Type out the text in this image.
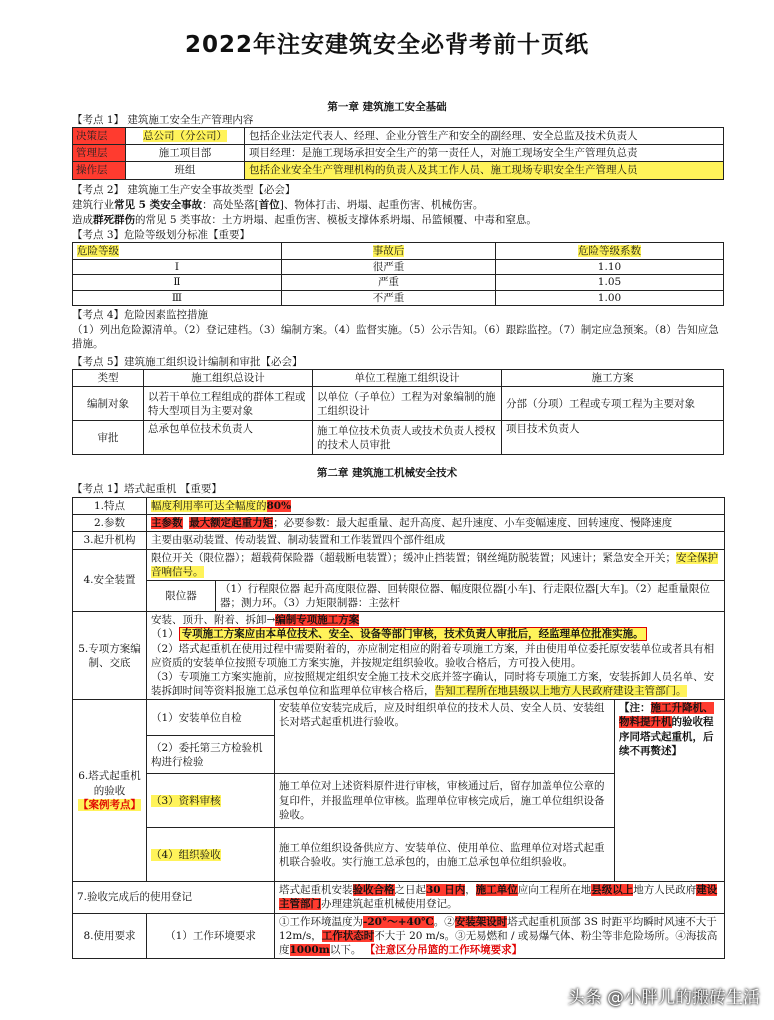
2022年注安建筑安全必背考前十页纸
第一章 建筑施工安全基础
【考点 1】 建筑施工安全生产管理内容
决策层	总公司（分公司）	包括企业法定代表人、经理、企业分管生产和安全的副经理、安全总监及技术负责人

管理层	施工项目部	项目经理：是施工现场承担安全生产的第一责任人，对施工现场安全生产管理负总责

操作层	班组	包括企业安全生产管理机构的负责人及其工作人员、施工现场专职安全生产管理人员
【考点 2】 建筑施工生产安全事故类型【必会】
建筑行业常见 5 类安全事故：高处坠落[首位]、物体打击、坍塌、起重伤害、机械伤害。
造成群死群伤的常见 5 类事故：土方坍塌、起重伤害、模板支撑体系坍塌、吊篮倾覆、中毒和窒息。
【考点 3】危险等级划分标准【重要】
危险等级	事故后	危险等级系数
Ⅰ	很严重	1.10
Ⅱ	严重	1.05
Ⅲ	不严重	1.00
【考点 4】危险因素监控措施
（1）列出危险源清单。（2）登记建档。（3）编制方案。（4）监督实施。（5）公示告知。（6）跟踪监控。（7）制定应急预案。（8）告知应急措施。
【考点 5】建筑施工组织设计编制和审批【必会】
类型	施工组织总设计	单位工程施工组织设计	施工方案
编制对象	以若干单位工程组成的群体工程或特大型项目为主要对象	以单位（子单位）工程为对象编制的施工组织设计	分部（分项）工程或专项工程为主要对象
审批	总承包单位技术负责人	施工单位技术负责人或技术负责人授权的技术人员审批	项目技术负责人
第二章 建筑施工机械安全技术
【考点 1】塔式起重机 【重要】
1.特点	幅度利用率可达全幅度的80%
2.参数	主参数 最大额定起重力矩；必要参数：最大起重量、起升高度、起升速度、小车变幅速度、回转速度、慢降速度
3.起升机构	主要由驱动装置、传动装置、制动装置和工作装置四个部件组成
4.安全装置	限位开关（限位器）；超载荷保险器（超载断电装置）；缓冲止挡装置；钢丝绳防脱装置；风速计；紧急安全开关；安全保护音响信号。

限位器	（1）行程限位器 起升高度限位器、回转限位器、幅度限位器[小车]、行走限位器[大车]。（2）起重量限位器；测力环。（3）力矩限制器：主弦杆

5.专项方案编制、交底	
安装、顶升、附着、拆卸→编制专项施工方案
（1） 专项施工方案应由本单位技术、安全、设备等部门审核，技术负责人审批后，经监理单位批准实施。
（2）塔式起重机在使用过程中需要附着的，亦应制定相应的附着专项施工方案，并由使用单位委托原安装单位或者具有相应资质的安装单位按照专项施工方案实施，并按规定组织验收。验收合格后，方可投入使用。
（3）专项施工方案实施前，应按照规定组织安全施工技术交底并签字确认，同时将专项施工方案，安装拆卸人员名单、安装拆卸时间等资料报施工总承包单位和监理单位审核合格后，告知工程所在地县级以上地方人民政府建设主管部门。

6.塔式起重机的验收
【案例考点】
	（1）安装单位自检	安装单位安装完成后，应及时组织单位的技术人员、安全人员、安装组长对塔式起重机进行验收。	【注：施工升降机、物料提升机的验收程序同塔式起重机，后续不再赘述】
（2）委托第三方检验机构进行检验
（3）资料审核	施工单位对上述资料原件进行审核，审核通过后，留存加盖单位公章的复印件，并报监理单位审核。监理单位审核完成后，施工单位组织设备验收。
（4）组织验收	施工单位组织设备供应方、安装单位、使用单位、监理单位对塔式起重机联合验收。实行施工总承包的，由施工总承包单位组织验收。
7.验收完成后的使用登记	塔式起重机安装验收合格之日起30 日内，施工单位应向工程所在地县级以上地方人民政府建设主管部门办理建筑起重机械使用登记。
8.使用要求	（1）工作环境要求	①工作环境温度为-20°～+40℃。②安装架设时塔式起重机顶部 3S 时距平均瞬时风速不大于 12m/s，工作状态时不大于 20 m/s。③无易燃和 / 或易爆气体、粉尘等非危险场所。④海拔高度1000m以下。 【注意区分吊篮的工作环境要求】
头条 @小胖儿的搬砖生活
